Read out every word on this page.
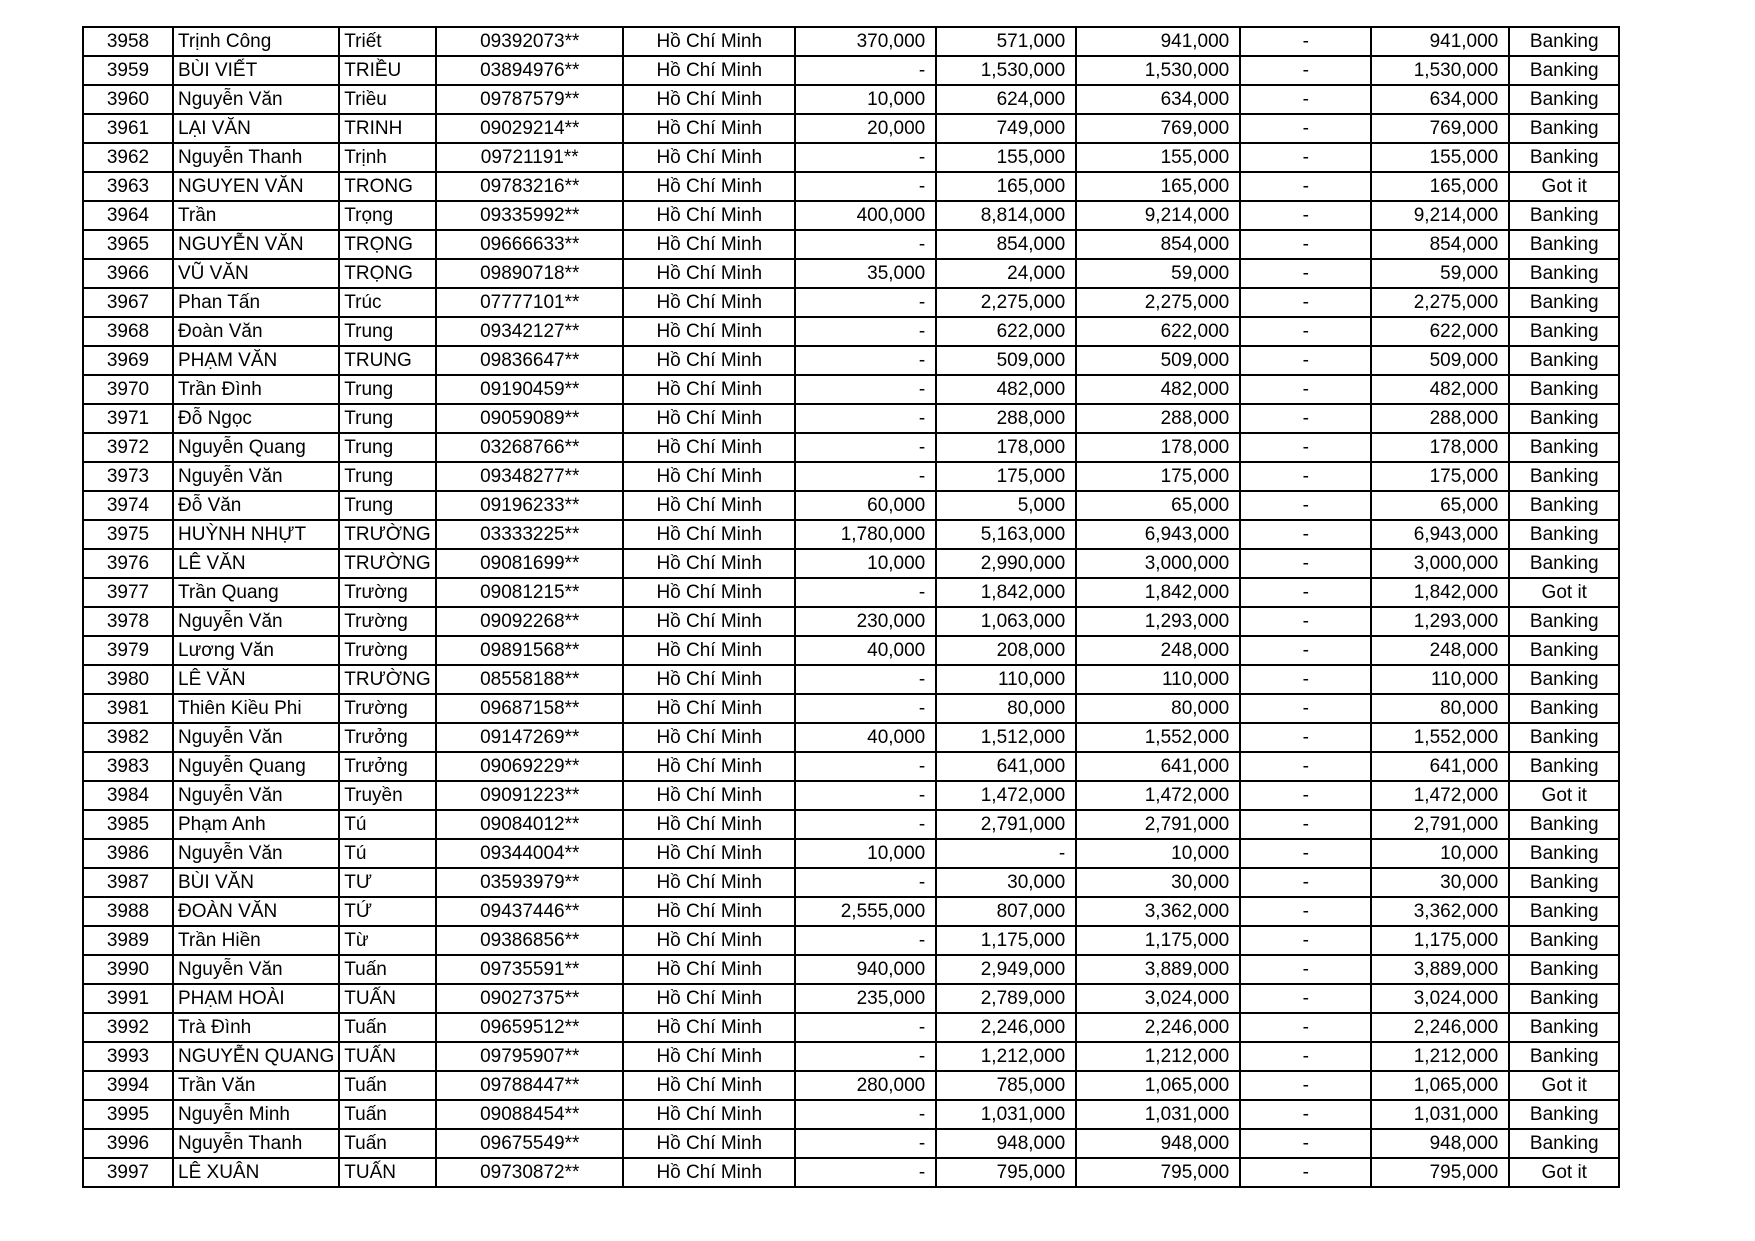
3958	Trịnh Công	Triết	09392073**	Hồ Chí Minh	370,000	571,000	941,000	-	941,000	Banking
3959	BÙI VIẾT	TRIỀU	03894976**	Hồ Chí Minh	-	1,530,000	1,530,000	-	1,530,000	Banking
3960	Nguyễn Văn	Triều	09787579**	Hồ Chí Minh	10,000	624,000	634,000	-	634,000	Banking
3961	LẠI VĂN	TRINH	09029214**	Hồ Chí Minh	20,000	749,000	769,000	-	769,000	Banking
3962	Nguyễn Thanh	Trịnh	09721191**	Hồ Chí Minh	-	155,000	155,000	-	155,000	Banking
3963	NGUYEN VĂN	TRONG	09783216**	Hồ Chí Minh	-	165,000	165,000	-	165,000	Got it
3964	Trần	Trọng	09335992**	Hồ Chí Minh	400,000	8,814,000	9,214,000	-	9,214,000	Banking
3965	NGUYỄN VĂN	TRỌNG	09666633**	Hồ Chí Minh	-	854,000	854,000	-	854,000	Banking
3966	VŨ VĂN	TRỌNG	09890718**	Hồ Chí Minh	35,000	24,000	59,000	-	59,000	Banking
3967	Phan Tấn	Trúc	07777101**	Hồ Chí Minh	-	2,275,000	2,275,000	-	2,275,000	Banking
3968	Đoàn Văn	Trung	09342127**	Hồ Chí Minh	-	622,000	622,000	-	622,000	Banking
3969	PHẠM VĂN	TRUNG	09836647**	Hồ Chí Minh	-	509,000	509,000	-	509,000	Banking
3970	Trần Đình	Trung	09190459**	Hồ Chí Minh	-	482,000	482,000	-	482,000	Banking
3971	Đỗ Ngọc	Trung	09059089**	Hồ Chí Minh	-	288,000	288,000	-	288,000	Banking
3972	Nguyễn Quang	Trung	03268766**	Hồ Chí Minh	-	178,000	178,000	-	178,000	Banking
3973	Nguyễn Văn	Trung	09348277**	Hồ Chí Minh	-	175,000	175,000	-	175,000	Banking
3974	Đỗ Văn	Trung	09196233**	Hồ Chí Minh	60,000	5,000	65,000	-	65,000	Banking
3975	HUỲNH NHỰT	TRƯỜNG	03333225**	Hồ Chí Minh	1,780,000	5,163,000	6,943,000	-	6,943,000	Banking
3976	LÊ VĂN	TRƯỜNG	09081699**	Hồ Chí Minh	10,000	2,990,000	3,000,000	-	3,000,000	Banking
3977	Trần Quang	Trường	09081215**	Hồ Chí Minh	-	1,842,000	1,842,000	-	1,842,000	Got it
3978	Nguyễn Văn	Trường	09092268**	Hồ Chí Minh	230,000	1,063,000	1,293,000	-	1,293,000	Banking
3979	Lương Văn	Trường	09891568**	Hồ Chí Minh	40,000	208,000	248,000	-	248,000	Banking
3980	LÊ VĂN	TRƯỜNG	08558188**	Hồ Chí Minh	-	110,000	110,000	-	110,000	Banking
3981	Thiên Kiều Phi	Trường	09687158**	Hồ Chí Minh	-	80,000	80,000	-	80,000	Banking
3982	Nguyễn Văn	Trưởng	09147269**	Hồ Chí Minh	40,000	1,512,000	1,552,000	-	1,552,000	Banking
3983	Nguyễn Quang	Trưởng	09069229**	Hồ Chí Minh	-	641,000	641,000	-	641,000	Banking
3984	Nguyễn Văn	Truyền	09091223**	Hồ Chí Minh	-	1,472,000	1,472,000	-	1,472,000	Got it
3985	Phạm Anh	Tú	09084012**	Hồ Chí Minh	-	2,791,000	2,791,000	-	2,791,000	Banking
3986	Nguyễn Văn	Tú	09344004**	Hồ Chí Minh	10,000	-	10,000	-	10,000	Banking
3987	BÙI VĂN	TƯ	03593979**	Hồ Chí Minh	-	30,000	30,000	-	30,000	Banking
3988	ĐOÀN VĂN	TỨ	09437446**	Hồ Chí Minh	2,555,000	807,000	3,362,000	-	3,362,000	Banking
3989	Trần Hiền	Từ	09386856**	Hồ Chí Minh	-	1,175,000	1,175,000	-	1,175,000	Banking
3990	Nguyễn Văn	Tuấn	09735591**	Hồ Chí Minh	940,000	2,949,000	3,889,000	-	3,889,000	Banking
3991	PHẠM HOÀI	TUẤN	09027375**	Hồ Chí Minh	235,000	2,789,000	3,024,000	-	3,024,000	Banking
3992	Trà Đình	Tuấn	09659512**	Hồ Chí Minh	-	2,246,000	2,246,000	-	2,246,000	Banking
3993	NGUYỄN QUANG	TUẤN	09795907**	Hồ Chí Minh	-	1,212,000	1,212,000	-	1,212,000	Banking
3994	Trần Văn	Tuấn	09788447**	Hồ Chí Minh	280,000	785,000	1,065,000	-	1,065,000	Got it
3995	Nguyễn Minh	Tuấn	09088454**	Hồ Chí Minh	-	1,031,000	1,031,000	-	1,031,000	Banking
3996	Nguyễn Thanh	Tuấn	09675549**	Hồ Chí Minh	-	948,000	948,000	-	948,000	Banking
3997	LÊ XUÂN	TUẤN	09730872**	Hồ Chí Minh	-	795,000	795,000	-	795,000	Got it
